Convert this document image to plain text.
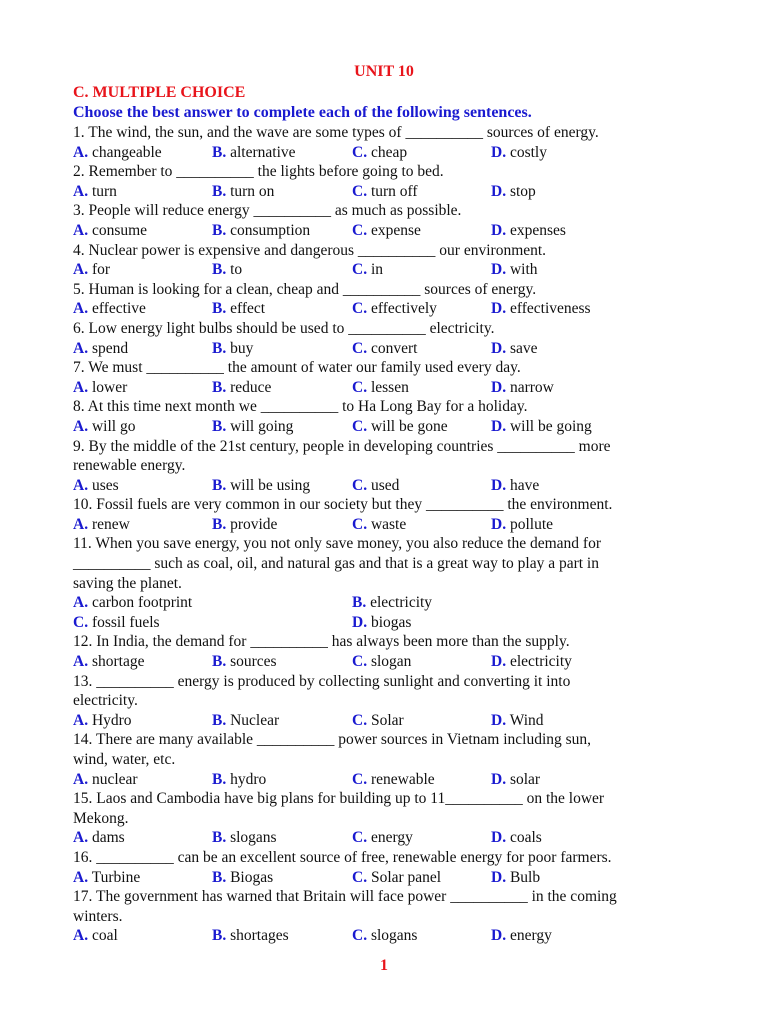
UNIT 10
C. MULTIPLE CHOICE
Choose the best answer to complete each of the following sentences.
1. The wind, the sun, and the wave are some types of __________ sources of energy.
A. changeable	B. alternative	C. cheap	D. costly
2. Remember to __________ the lights before going to bed.
A. turn	B. turn on	C. turn off	D. stop
3. People will reduce energy __________ as much as possible.
A. consume	B. consumption	C. expense	D. expenses
4. Nuclear power is expensive and dangerous __________ our environment.
A. for	B. to	C. in	D. with
5. Human is looking for a clean, cheap and __________ sources of energy.
A. effective	B. effect	C. effectively	D. effectiveness
6. Low energy light bulbs should be used to __________ electricity.
A. spend	B. buy	C. convert	D. save
7. We must __________ the amount of water our family used every day.
A. lower	B. reduce	C. lessen	D. narrow
8. At this time next month we __________ to Ha Long Bay for a holiday.
A. will go	B. will going	C. will be gone	D. will be going
9. By the middle of the 21st century, people in developing countries __________ more
renewable energy.
A. uses	B. will be using	C. used	D. have
10. Fossil fuels are very common in our society but they __________ the environment.
A. renew	B. provide	C. waste	D. pollute
11. When you save energy, you not only save money, you also reduce the demand for
__________ such as coal, oil, and natural gas and that is a great way to play a part in
saving the planet.
A. carbon footprint	B. electricity
C. fossil fuels	D. biogas
12. In India, the demand for __________ has always been more than the supply.
A. shortage	B. sources	C. slogan	D. electricity
13. __________ energy is produced by collecting sunlight and converting it into
electricity.
A. Hydro	B. Nuclear	C. Solar	D. Wind
14. There are many available __________ power sources in Vietnam including sun,
wind, water, etc.
A. nuclear	B. hydro	C. renewable	D. solar
15. Laos and Cambodia have big plans for building up to 11__________ on the lower
Mekong.
A. dams	B. slogans	C. energy	D. coals
16. __________ can be an excellent source of free, renewable energy for poor farmers.
A. Turbine	B. Biogas	C. Solar panel	D. Bulb
17. The government has warned that Britain will face power __________ in the coming
winters.
A. coal	B. shortages	C. slogans	D. energy
1
